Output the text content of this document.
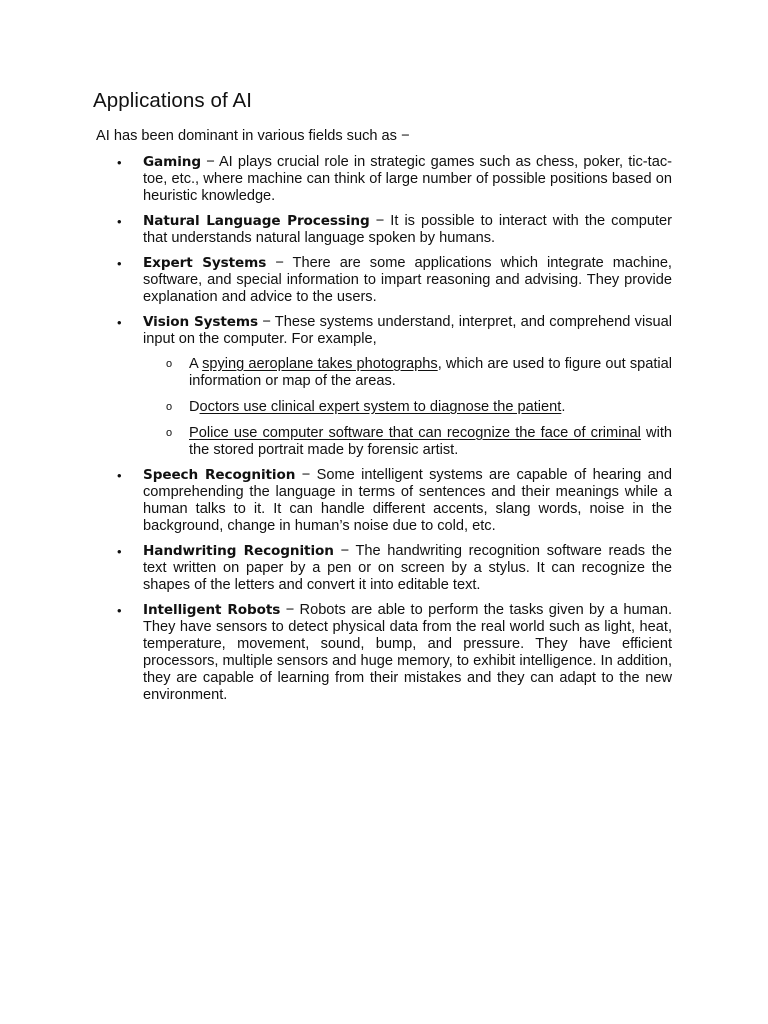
Applications of AI

AI has been dominant in various fields such as −

• Gaming − AI plays crucial role in strategic games such as chess, poker, tic-tac-toe, etc., where machine can think of large number of possible positions based on heuristic knowledge.
• Natural Language Processing − It is possible to interact with the computer that understands natural language spoken by humans.
• Expert Systems − There are some applications which integrate machine, software, and special information to impart reasoning and advising. They provide explanation and advice to the users.
• Vision Systems − These systems understand, interpret, and comprehend visual input on the computer. For example,
o A spying aeroplane takes photographs, which are used to figure out spatial information or map of the areas.
o Doctors use clinical expert system to diagnose the patient.
o Police use computer software that can recognize the face of criminal with the stored portrait made by forensic artist.
• Speech Recognition − Some intelligent systems are capable of hearing and comprehending the language in terms of sentences and their meanings while a human talks to it. It can handle different accents, slang words, noise in the background, change in human’s noise due to cold, etc.
• Handwriting Recognition − The handwriting recognition software reads the text written on paper by a pen or on screen by a stylus. It can recognize the shapes of the letters and convert it into editable text.
• Intelligent Robots − Robots are able to perform the tasks given by a human. They have sensors to detect physical data from the real world such as light, heat, temperature, movement, sound, bump, and pressure. They have efficient processors, multiple sensors and huge memory, to exhibit intelligence. In addition, they are capable of learning from their mistakes and they can adapt to the new environment.
